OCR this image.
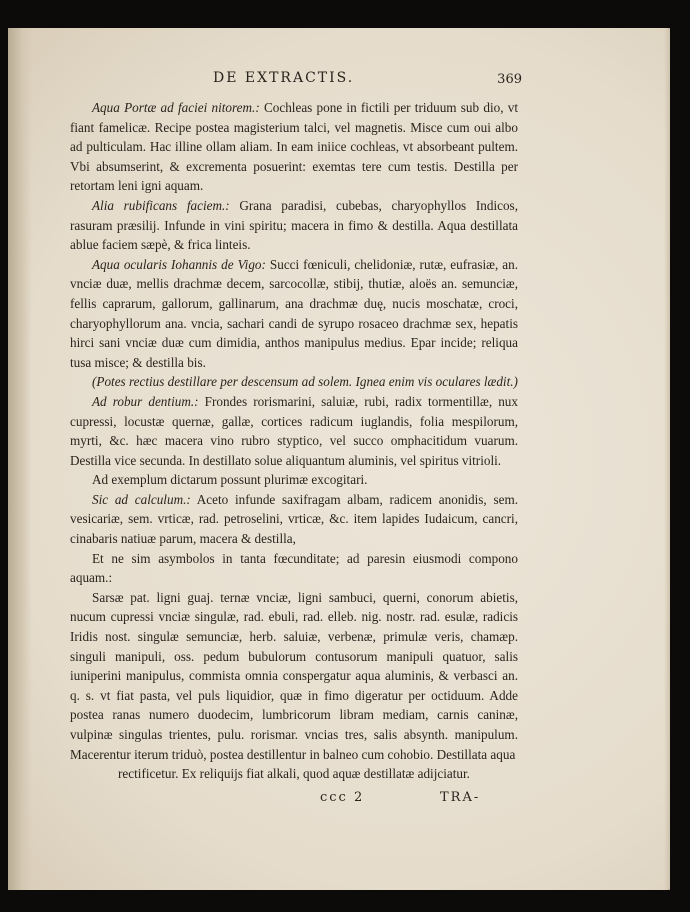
DE EXTRACTIS.	369

Aqua Portæ ad faciei nitorem.: Cochleas pone in fictili per triduum sub dio, vt fiant famelicæ. Recipe postea magisterium talci, vel magnetis. Misce cum oui albo ad pulticulam. Hac illine ollam aliam. In eam iniice cochleas, vt absorbeant pultem. Vbi absumserint, & excrementa posuerint: exemtas tere cum testis. Destilla per retortam leni igni aquam.

Alia rubificans faciem.: Grana paradisi, cubebas, charyophyllos Indicos, rasuram præsilij. Infunde in vini spiritu; macera in fimo & destilla. Aqua destillata ablue faciem sæpè, & frica linteis.

Aqua ocularis Iohannis de Vigo: Succi fœniculi, chelidoniæ, rutæ, eufrasiæ, an. vnciæ duæ, mellis drachmæ decem, sarcocollæ, stibij, thutiæ, aloës an. semunciæ, fellis caprarum, gallorum, gallinarum, ana drachmæ duę, nucis moschatæ, croci, charyophyllorum ana. vncia, sachari candi de syrupo rosaceo drachmæ sex, hepatis hirci sani vnciæ duæ cum dimidia, anthos manipulus medius. Epar incide; reliqua tusa misce; & destilla bis.

(Potes rectius destillare per descensum ad solem. Ignea enim vis oculares lædit.)

Ad robur dentium.: Frondes rorismarini, saluiæ, rubi, radix tormentillæ, nux cupressi, locustæ quernæ, gallæ, cortices radicum iuglandis, folia mespilorum, myrti, &c. hæc macera vino rubro styptico, vel succo omphacitidum vuarum. Destilla vice secunda. In destillato solue aliquantum aluminis, vel spiritus vitrioli.

Ad exemplum dictarum possunt plurimæ excogitari.

Sic ad calculum.: Aceto infunde saxifragam albam, radicem anonidis, sem. vesicariæ, sem. vrticæ, rad. petroselini, vrticæ, &c. item lapides Iudaicum, cancri, cinabaris natiuæ parum, macera & destilla,

Et ne sim asymbolos in tanta fœcunditate; ad paresin eiusmodi compono aquam.:

Sarsæ pat. ligni guaj. ternæ vnciæ, ligni sambuci, querni, conorum abietis, nucum cupressi vnciæ singulæ, rad. ebuli, rad. elleb. nig. nostr. rad. esulæ, radicis Iridis nost. singulæ semunciæ, herb. saluiæ, verbenæ, primulæ veris, chamæp. singuli manipuli, oss. pedum bubulorum contusorum manipuli quatuor, salis iuniperini manipulus, commista omnia conspergatur aqua aluminis, & verbasci an. q. s. vt fiat pasta, vel puls liquidior, quæ in fimo digeratur per octiduum. Adde postea ranas numero duodecim, lumbricorum libram mediam, carnis caninæ, vulpinæ singulas trientes, pulu. rorismar. vncias tres, salis absynth. manipulum. Macerentur iterum triduò, postea destillentur in balneo cum cohobio. Destillata aqua

rectificetur. Ex reliquijs fiat alkali, quod aquæ destillatæ adijciatur.

ccc 2	TRA-
